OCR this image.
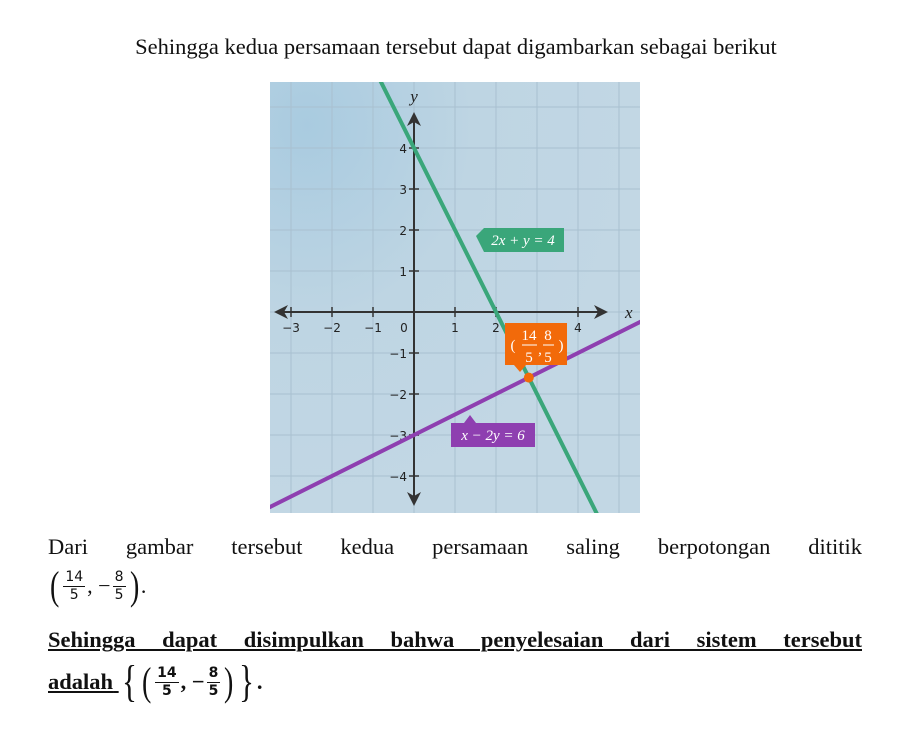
Sehingga kedua persamaan tersebut dapat digambarkan sebagai berikut
x
y
−3 −2 −1 0	1	2	4
4
3
2
1
−1
−2
−3
−4
2x + y = 4
x − 2y = 6
(
14
5 ,
8
5
)
Dari gambar tersebut kedua persamaan saling berpotongan dititik
( $\frac{14}{5}$ ,
− $\frac{8}{5}$ ) .
Sehingga dapat disimpulkan bahwa penyelesaian dari sistem tersebut
adalah
{ ( $\frac{14}{5}$ ,
− $\frac{8}{5}$ ) } .
